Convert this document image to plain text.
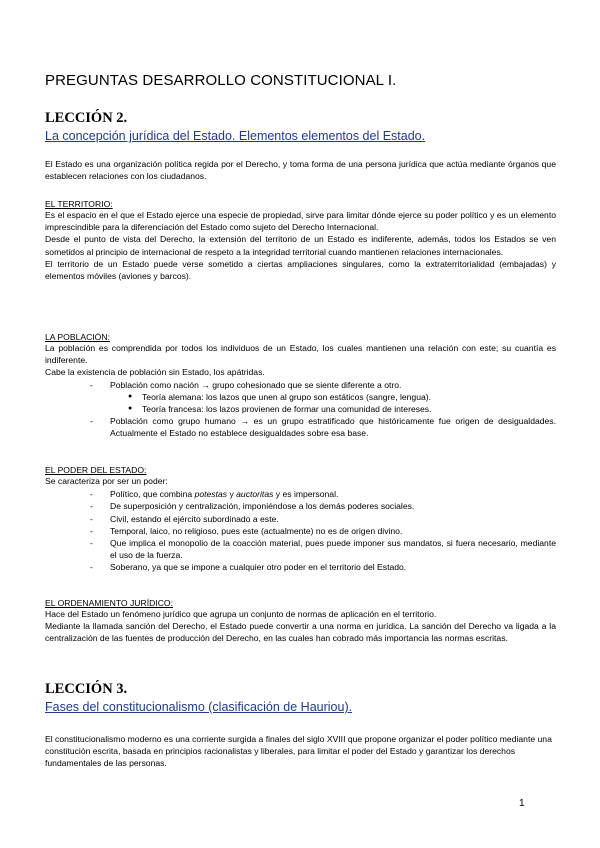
PREGUNTAS DESARROLLO CONSTITUCIONAL I.
LECCIÓN 2.
La concepción jurídica del Estado. Elementos elementos del Estado.

El Estado es una organización política regida por el Derecho, y toma forma de una persona jurídica que actúa mediante órganos que establecen relaciones con los ciudadanos.

EL TERRITORIO:

Es el espacio en el que el Estado ejerce una especie de propiedad, sirve para limitar dónde ejerce su poder político y es un elemento imprescindible para la diferenciación del Estado como sujeto del Derecho Internacional.

Desde el punto de vista del Derecho, la extensión del territorio de un Estado es indiferente, además, todos los Estados se ven sometidos al principio de internacional de respeto a la integridad territorial cuando mantienen relaciones internacionales.

El territorio de un Estado puede verse sometido a ciertas ampliaciones singulares, como la extraterritorialidad (embajadas) y elementos móviles (aviones y barcos).

LA POBLACIÓN:

La población es comprendida por todos los individuos de un Estado, los cuales mantienen una relación con este; su cuantía es indiferente.

Cabe la existencia de población sin Estado, los apátridas.

- Población como nación → grupo cohesionado que se siente diferente a otro.
● Teoría alemana: los lazos que unen al grupo son estáticos (sangre, lengua).
● Teoría francesa: los lazos provienen de formar una comunidad de intereses.
- Población como grupo humano → es un grupo estratificado que históricamente fue origen de desigualdades. Actualmente el Estado no establece desigualdades sobre esa base.
EL PODER DEL ESTADO:

Se caracteriza por ser un poder:

- Político, que combina potestas y auctoritas y es impersonal.
- De superposición y centralización, imponiéndose a los demás poderes sociales.
- Civil, estando el ejército subordinado a este.
- Temporal, laico, no religioso, pues este (actualmente) no es de origen divino.
- Que implica el monopolio de la coacción material, pues puede imponer sus mandatos, si fuera necesario, mediante el uso de la fuerza.
- Soberano, ya que se impone a cualquier otro poder en el territorio del Estado.
EL ORDENAMIENTO JURÍDICO:

Hace del Estado un fenómeno jurídico que agrupa un conjunto de normas de aplicación en el territorio.

Mediante la llamada sanción del Derecho, el Estado puede convertir a una norma en jurídica. La sanción del Derecho va ligada a la centralización de las fuentes de producción del Derecho, en las cuales han cobrado más importancia las normas escritas.

LECCIÓN 3.
Fases del constitucionalismo (clasificación de Hauriou).

El constitucionalismo moderno es una corriente surgida a finales del siglo XVIII que propone organizar el poder político mediante una constitución escrita, basada en principios racionalistas y liberales, para limitar el poder del Estado y garantizar los derechos fundamentales de las personas.

1
